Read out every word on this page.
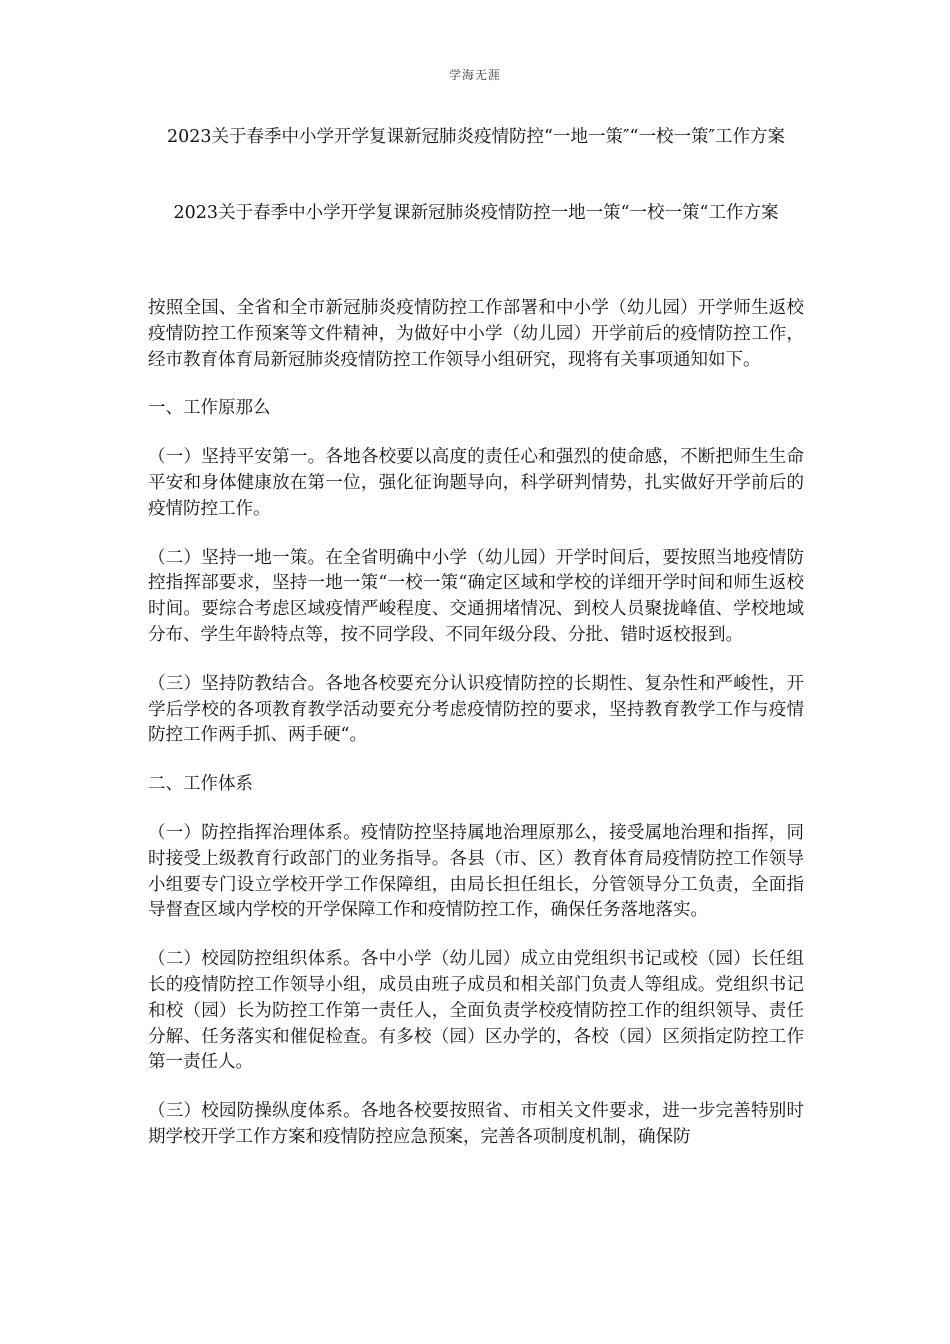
学海无涯
2023关于春季中小学开学复课新冠肺炎疫情防控“一地一策″“一校一策″工作方案
2023关于春季中小学开学复课新冠肺炎疫情防控一地一策“一校一策“工作方案

按照全国、全省和全市新冠肺炎疫情防控工作部署和中小学（幼儿园）开学师生返校疫情防控工作预案等文件精神，为做好中小学（幼儿园）开学前后的疫情防控工作，经市教育体育局新冠肺炎疫情防控工作领导小组研究，现将有关事项通知如下。

一、工作原那么

（一）坚持平安第一。各地各校要以高度的责任心和强烈的使命感，不断把师生生命平安和身体健康放在第一位，强化征询题导向，科学研判情势，扎实做好开学前后的疫情防控工作。

（二）坚持一地一策。在全省明确中小学（幼儿园）开学时间后，要按照当地疫情防控指挥部要求，坚持一地一策“一校一策“确定区域和学校的详细开学时间和师生返校时间。要综合考虑区域疫情严峻程度、交通拥堵情况、到校人员聚拢峰值、学校地域分布、学生年龄特点等，按不同学段、不同年级分段、分批、错时返校报到。

（三）坚持防教结合。各地各校要充分认识疫情防控的长期性、复杂性和严峻性，开学后学校的各项教育教学活动要充分考虑疫情防控的要求，坚持教育教学工作与疫情防控工作两手抓、两手硬“。

二、工作体系

（一）防控指挥治理体系。疫情防控坚持属地治理原那么，接受属地治理和指挥，同时接受上级教育行政部门的业务指导。各县（市、区）教育体育局疫情防控工作领导小组要专门设立学校开学工作保障组，由局长担任组长，分管领导分工负责，全面指导督查区域内学校的开学保障工作和疫情防控工作，确保任务落地落实。

（二）校园防控组织体系。各中小学（幼儿园）成立由党组织书记或校（园）长任组长的疫情防控工作领导小组，成员由班子成员和相关部门负责人等组成。党组织书记和校（园）长为防控工作第一责任人，全面负责学校疫情防控工作的组织领导、责任分解、任务落实和催促检查。有多校（园）区办学的，各校（园）区须指定防控工作第一责任人。

（三）校园防操纵度体系。各地各校要按照省、市相关文件要求，进一步完善特别时期学校开学工作方案和疫情防控应急预案，完善各项制度机制，确保防
